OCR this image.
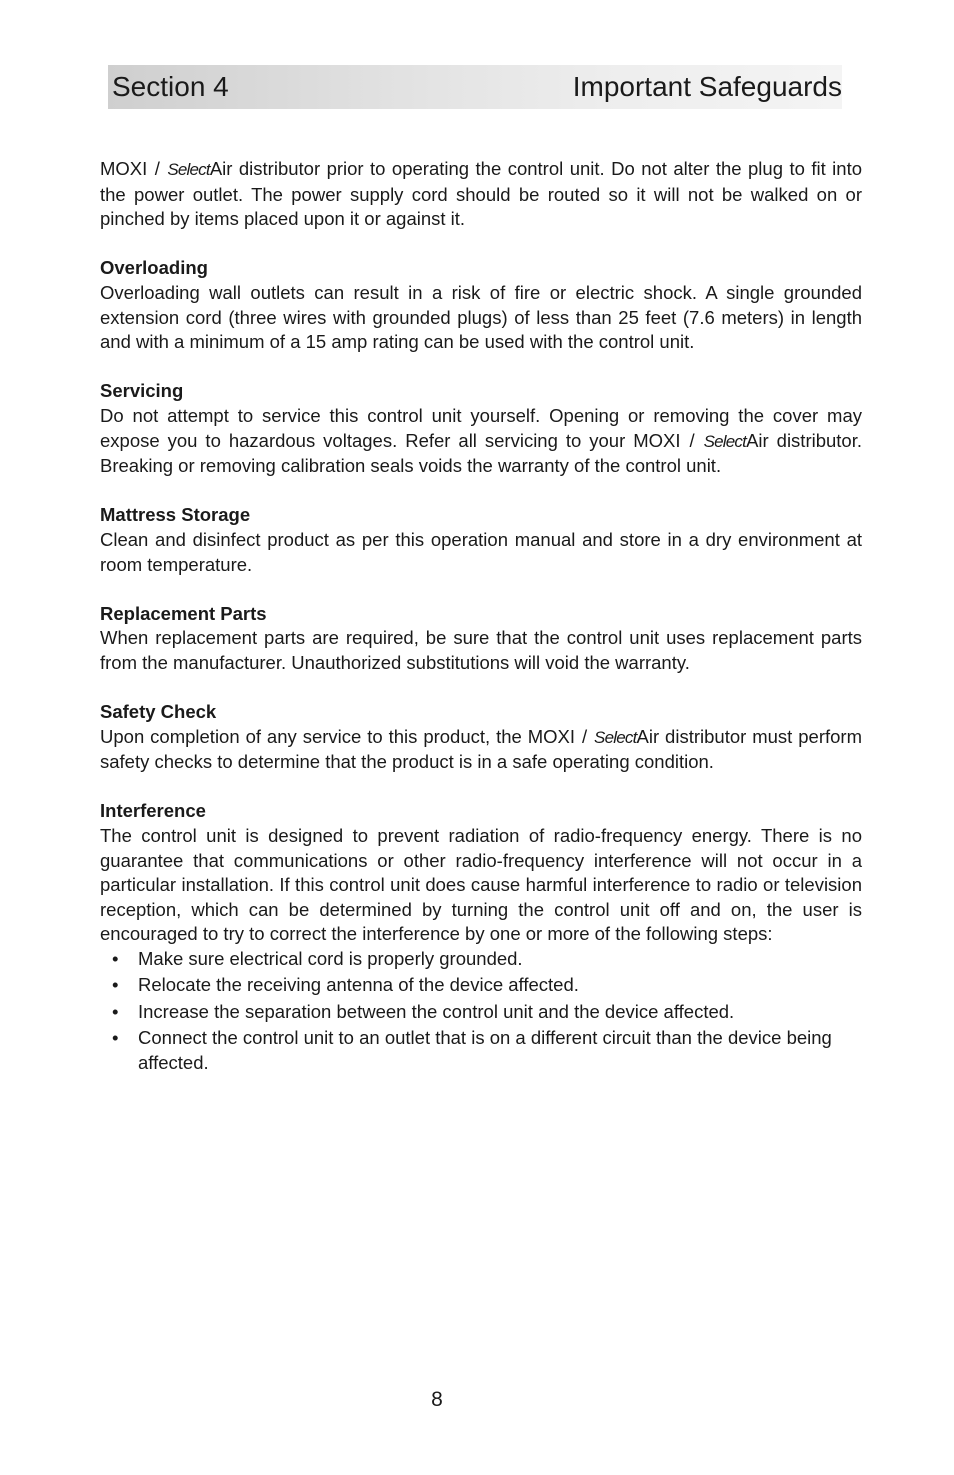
Section 4	Important Safeguards

MOXI / SelectAir distributor prior to operating the control unit. Do not alter the plug to fit into the power outlet. The power supply cord should be routed so it will not be walked on or pinched by items placed upon it or against it.

Overloading

Overloading wall outlets can result in a risk of fire or electric shock. A single grounded extension cord (three wires with grounded plugs) of less than 25 feet (7.6 meters) in length and with a minimum of a 15 amp rating can be used with the control unit.

Servicing

Do not attempt to service this control unit yourself. Opening or removing the cover may expose you to hazardous voltages. Refer all servicing to your MOXI / SelectAir distributor. Breaking or removing calibration seals voids the warranty of the control unit.

Mattress Storage

Clean and disinfect product as per this operation manual and store in a dry environment at room temperature.

Replacement Parts

When replacement parts are required, be sure that the control unit uses replacement parts from the manufacturer. Unauthorized substitutions will void the warranty.

Safety Check

Upon completion of any service to this product, the MOXI / SelectAir distributor must perform safety checks to determine that the product is in a safe operating condition.

Interference

The control unit is designed to prevent radiation of radio-frequency energy. There is no guarantee that communications or other radio-frequency interference will not occur in a particular installation. If this control unit does cause harmful interference to radio or television reception, which can be determined by turning the control unit off and on, the user is encouraged to try to correct the interference by one or more of the following steps:

• Make sure electrical cord is properly grounded.
• Relocate the receiving antenna of the device affected.
• Increase the separation between the control unit and the device affected.
• Connect the control unit to an outlet that is on a different circuit than the device being affected.
8
